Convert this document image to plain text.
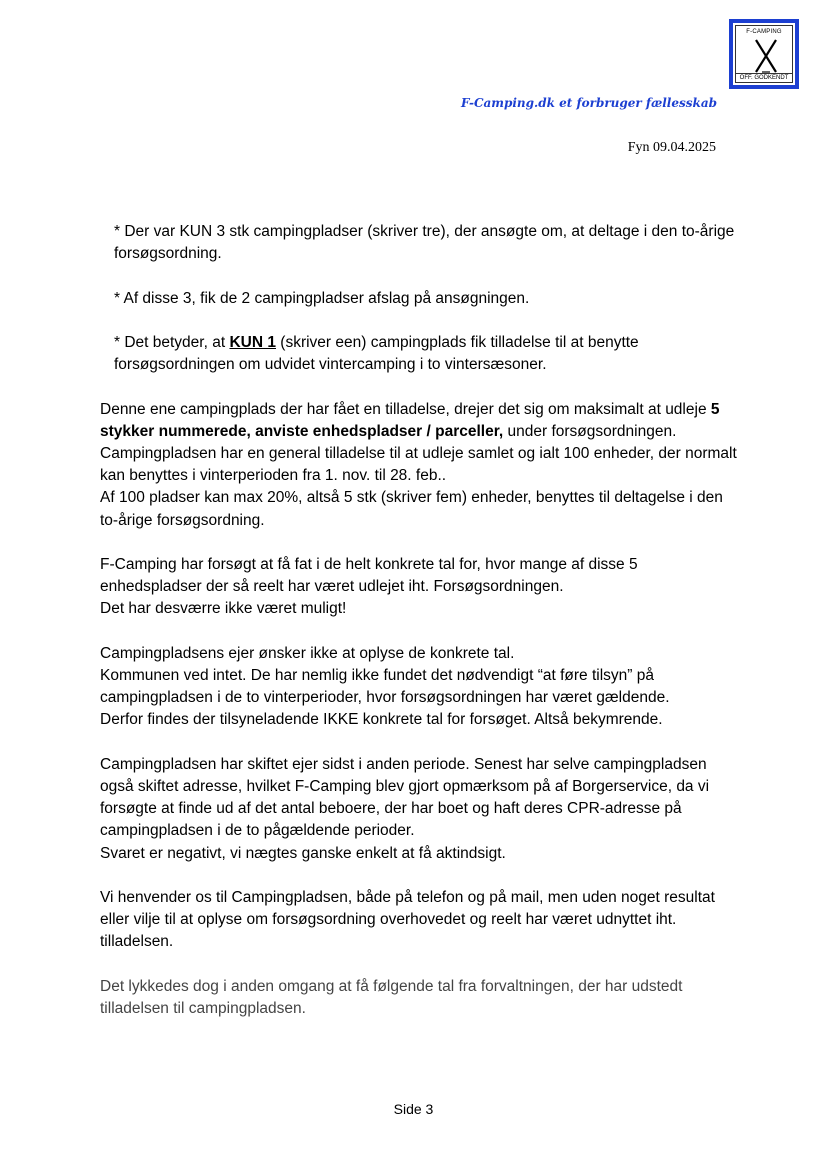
F-CAMPING
OFF. GODKENDT
F-Camping.dk et forbruger fællesskab
Fyn 09.04.2025

* Der var KUN 3 stk campingpladser (skriver tre), der ansøgte om, at deltage i den to-årige forsøgsordning.

* Af disse 3, fik de 2 campingpladser afslag på ansøgningen.

* Det betyder, at KUN 1 (skriver een) campingplads fik tilladelse til at benytte forsøgsordningen om udvidet vintercamping i to vintersæsoner.

Denne ene campingplads der har fået en tilladelse, drejer det sig om maksimalt at udleje 5 stykker nummerede, anviste enhedspladser / parceller, under forsøgsordningen.
Campingpladsen har en general tilladelse til at udleje samlet og ialt 100 enheder, der normalt kan benyttes i vinterperioden fra 1. nov. til 28. feb..
Af 100 pladser kan max 20%, altså 5 stk (skriver fem) enheder, benyttes til deltagelse i den to-årige forsøgsordning.

F-Camping har forsøgt at få fat i de helt konkrete tal for, hvor mange af disse 5 enhedspladser der så reelt har været udlejet iht. Forsøgsordningen.
Det har desværre ikke været muligt!

Campingpladsens ejer ønsker ikke at oplyse de konkrete tal.
Kommunen ved intet. De har nemlig ikke fundet det nødvendigt “at føre tilsyn” på campingpladsen i de to vinterperioder, hvor forsøgsordningen har været gældende.
Derfor findes der tilsyneladende IKKE konkrete tal for forsøget. Altså bekymrende.

Campingpladsen har skiftet ejer sidst i anden periode. Senest har selve campingpladsen også skiftet adresse, hvilket F-Camping blev gjort opmærksom på af Borgerservice, da vi forsøgte at finde ud af det antal beboere, der har boet og haft deres CPR-adresse på campingpladsen i de to pågældende perioder.
Svaret er negativt, vi nægtes ganske enkelt at få aktindsigt.

Vi henvender os til Campingpladsen, både på telefon og på mail, men uden noget resultat eller vilje til at oplyse om forsøgsordning overhovedet og reelt har været udnyttet iht. tilladelsen.

Det lykkedes dog i anden omgang at få følgende tal fra forvaltningen, der har udstedt tilladelsen til campingpladsen.

Side 3
